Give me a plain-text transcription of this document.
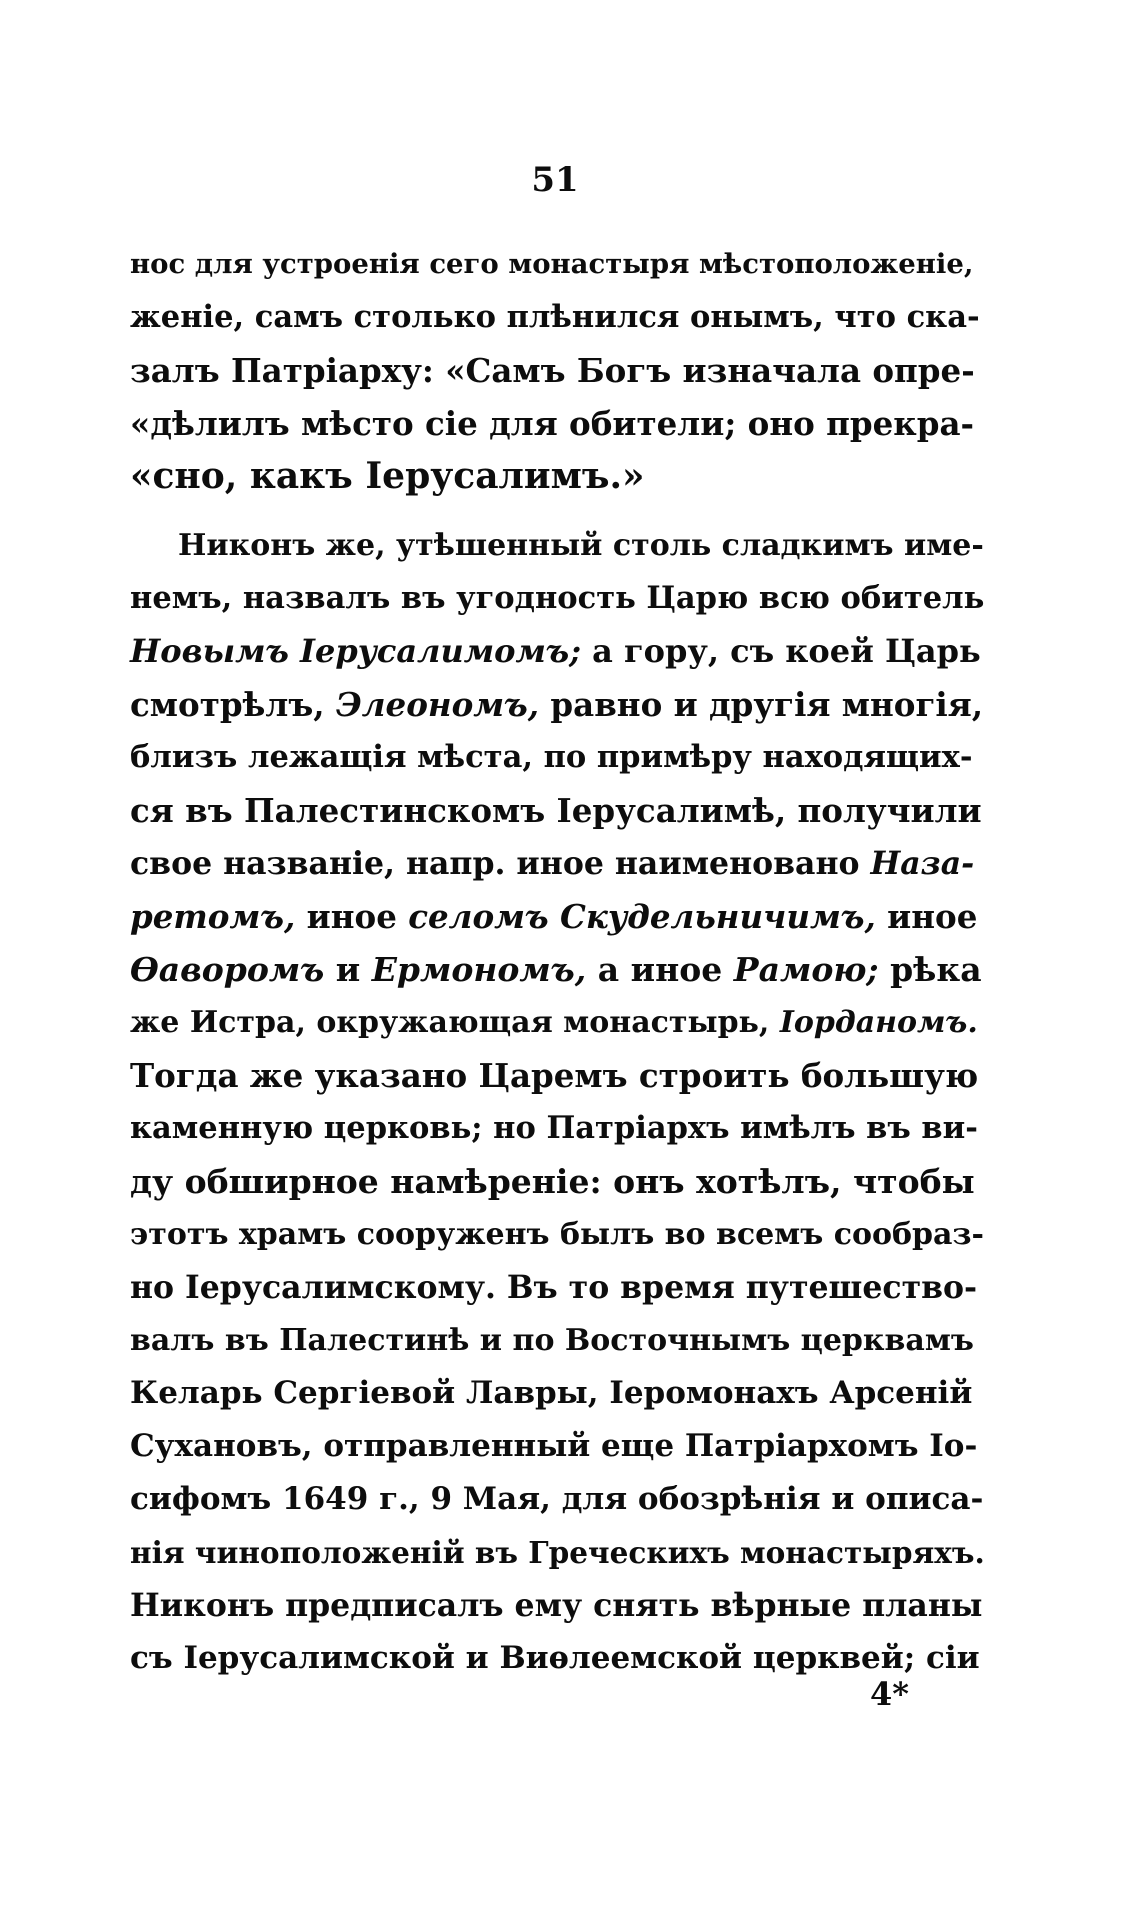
51
нос для устроенія сего монастыря мѣстоположеніе,
женіе, самъ столько плѣнился онымъ, что ска-
залъ Патріарху: «Самъ Богъ изначала опре-
«дѣлилъ мѣсто сіе для обители; оно прекра-
«сно, какъ Іерусалимъ.»
Никонъ же, утѣшенный столь сладкимъ име-
немъ, назвалъ въ угодность Царю всю обитель
Новымъ Іерусалимомъ; а гору, съ коей Царь
смотрѣлъ, Элеономъ, равно и другія многія,
близъ лежащія мѣста, по примѣру находящих-
ся въ Палестинскомъ Іерусалимѣ, получили
свое названіе, напр. иное наименовано Наза-
ретомъ, иное селомъ Скудельничимъ, иное
Ѳаворомъ и Ермономъ, а иное Рамою; рѣка
же Истра, окружающая монастырь, Іорданомъ.
Тогда же указано Царемъ строить большую
каменную церковь; но Патріархъ имѣлъ въ ви-
ду обширное намѣреніе: онъ хотѣлъ, чтобы
этотъ храмъ сооруженъ былъ во всемъ сообраз-
но Іерусалимскому. Въ то время путешество-
валъ въ Палестинѣ и по Восточнымъ церквамъ
Келарь Сергіевой Лавры, Іеромонахъ Арсеній
Сухановъ, отправленный еще Патріархомъ Іо-
сифомъ 1649 г., 9 Мая, для обозрѣнія и описа-
нія чиноположеній въ Греческихъ монастыряхъ.
Никонъ предписалъ ему снять вѣрные планы
съ Іерусалимской и Виѳлеемской церквей; сіи
4*
